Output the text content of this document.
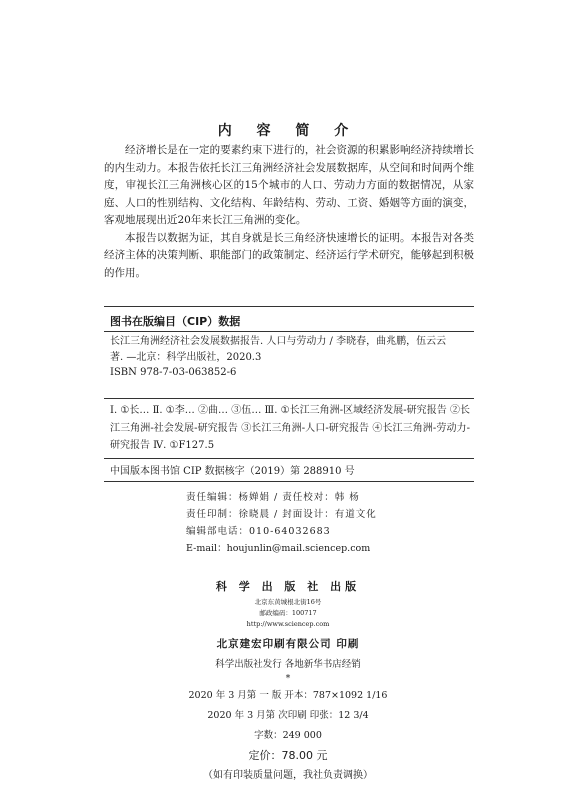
内 容 简 介

经济增长是在一定的要素约束下进行的，社会资源的积累影响经济持续增长的内生动力。本报告依托长江三角洲经济社会发展数据库，从空间和时间两个维度，审视长江三角洲核心区的15个城市的人口、劳动力方面的数据情况，从家庭、人口的性别结构、文化结构、年龄结构、劳动、工资、婚姻等方面的演变，客观地展现出近20年来长江三角洲的变化。

本报告以数据为证，其自身就是长三角经济快速增长的证明。本报告对各类经济主体的决策判断、职能部门的政策制定、经济运行学术研究，能够起到积极的作用。

图书在版编目（CIP）数据
长江三角洲经济社会发展数据报告. 人口与劳动力 / 李晓春，曲兆鹏，伍云云
著. —北京：科学出版社，2020.3
ISBN 978-7-03-063852-6
Ⅰ. ①长… Ⅱ. ①李… ②曲… ③伍… Ⅲ. ①长江三角洲-区域经济发展-研究报告 ②长江三角洲-社会发展-研究报告 ③长江三角洲-人口-研究报告 ④长江三角洲-劳动力-研究报告 Ⅳ. ①F127.5
中国版本图书馆 CIP 数据核字（2019）第 288910 号
责任编辑：杨婵娟 / 责任校对：韩 杨
责任印制：徐晓晨 / 封面设计：有道文化
编辑部电话：010-64032683
E-mail：houjunlin@mail.sciencep.com
科 学 出 版 社 出版
北京东黄城根北街16号
邮政编码：100717
http://www.sciencep.com
北京建宏印刷有限公司 印刷
科学出版社发行 各地新华书店经销
*
2020 年 3 月第 一 版 开本：787×1092 1/16
2020 年 3 月第 次印刷 印张：12 3/4
字数：249 000
定价：78.00 元
（如有印装质量问题，我社负责调换）
